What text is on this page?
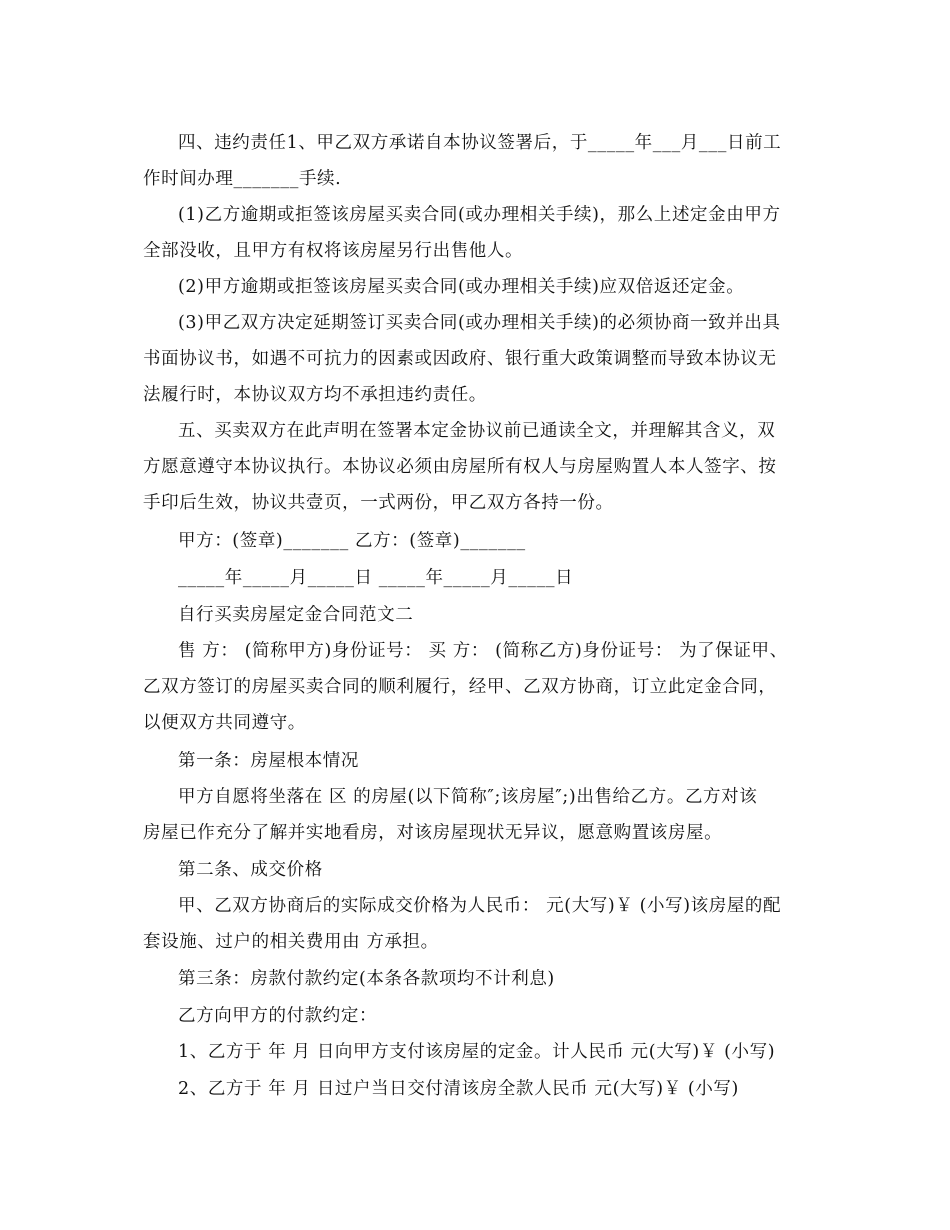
四、违约责任1、甲乙双方承诺自本协议签署后，于_____年___月___日前工
作时间办理_______手续.
(1)乙方逾期或拒签该房屋买卖合同(或办理相关手续)，那么上述定金由甲方
全部没收，且甲方有权将该房屋另行出售他人。
(2)甲方逾期或拒签该房屋买卖合同(或办理相关手续)应双倍返还定金。
(3)甲乙双方决定延期签订买卖合同(或办理相关手续)的必须协商一致并出具
书面协议书，如遇不可抗力的因素或因政府、银行重大政策调整而导致本协议无
法履行时，本协议双方均不承担违约责任。
五、买卖双方在此声明在签署本定金协议前已通读全文，并理解其含义，双
方愿意遵守本协议执行。本协议必须由房屋所有权人与房屋购置人本人签字、按
手印后生效，协议共壹页，一式两份，甲乙双方各持一份。
甲方：(签章)_______ 乙方：(签章)_______
_____年_____月_____日 _____年_____月_____日
自行买卖房屋定金合同范文二
售 方： (简称甲方)身份证号： 买 方： (简称乙方)身份证号： 为了保证甲、
乙双方签订的房屋买卖合同的顺利履行，经甲、乙双方协商，订立此定金合同，
以便双方共同遵守。
第一条：房屋根本情况
甲方自愿将坐落在 区 的房屋(以下简称″;该房屋″;)出售给乙方。乙方对该
房屋已作充分了解并实地看房，对该房屋现状无异议，愿意购置该房屋。
第二条、成交价格
甲、乙双方协商后的实际成交价格为人民币： 元(大写)￥ (小写)该房屋的配
套设施、过户的相关费用由 方承担。
第三条：房款付款约定(本条各款项均不计利息)
乙方向甲方的付款约定：
1、乙方于 年 月 日向甲方支付该房屋的定金。计人民币 元(大写)￥ (小写)
2、乙方于 年 月 日过户当日交付清该房全款人民币 元(大写)￥ (小写)
